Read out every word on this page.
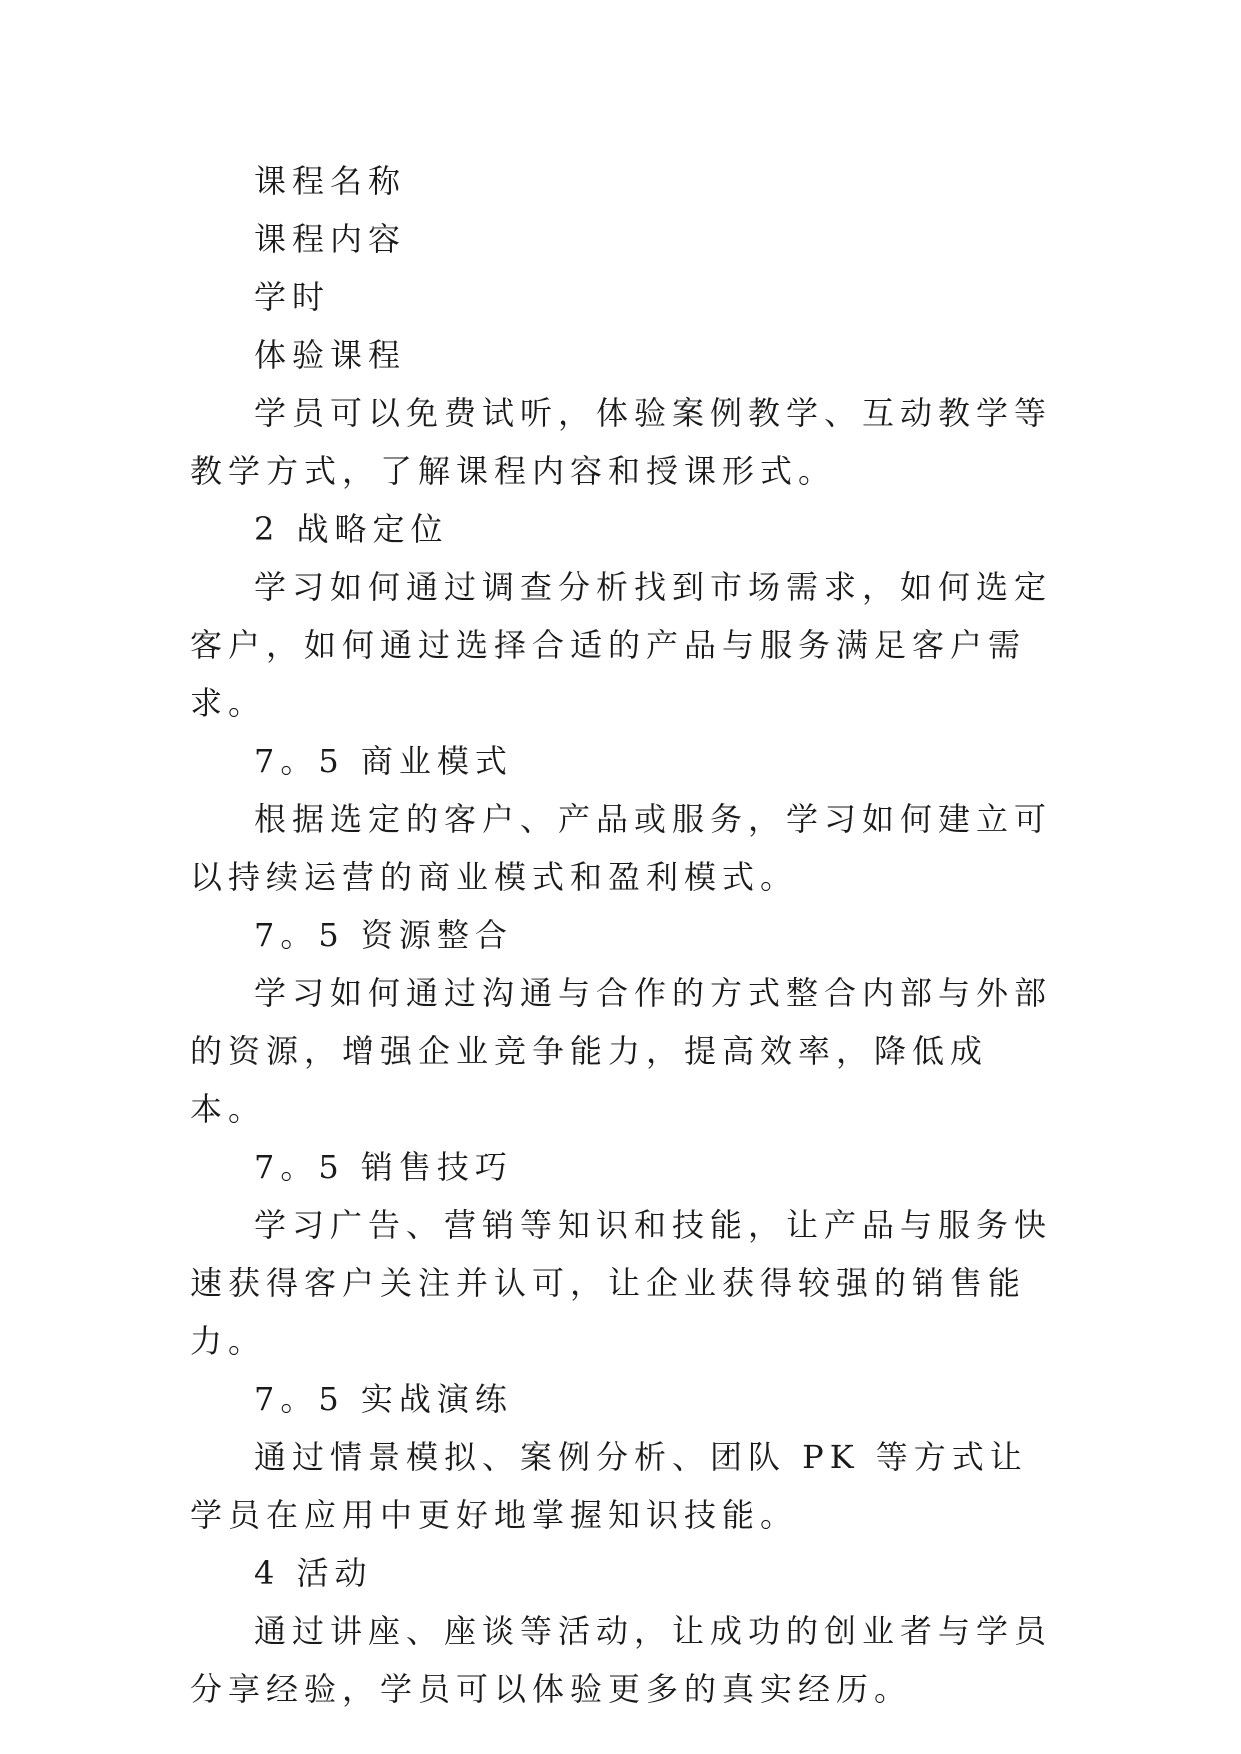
课程名称

课程内容

学时

体验课程

学员可以免费试听，体验案例教学、互动教学等教学方式，了解课程内容和授课形式。

2 战略定位

学习如何通过调查分析找到市场需求，如何选定客户，如何通过选择合适的产品与服务满足客户需求。

7。5 商业模式

根据选定的客户、产品或服务，学习如何建立可以持续运营的商业模式和盈利模式。

7。5 资源整合

学习如何通过沟通与合作的方式整合内部与外部的资源，增强企业竞争能力，提高效率，降低成本。

7。5 销售技巧

学习广告、营销等知识和技能，让产品与服务快速获得客户关注并认可，让企业获得较强的销售能力。

7。5 实战演练

通过情景模拟、案例分析、团队 PK 等方式让学员在应用中更好地掌握知识技能。

4 活动

通过讲座、座谈等活动，让成功的创业者与学员分享经验，学员可以体验更多的真实经历。
